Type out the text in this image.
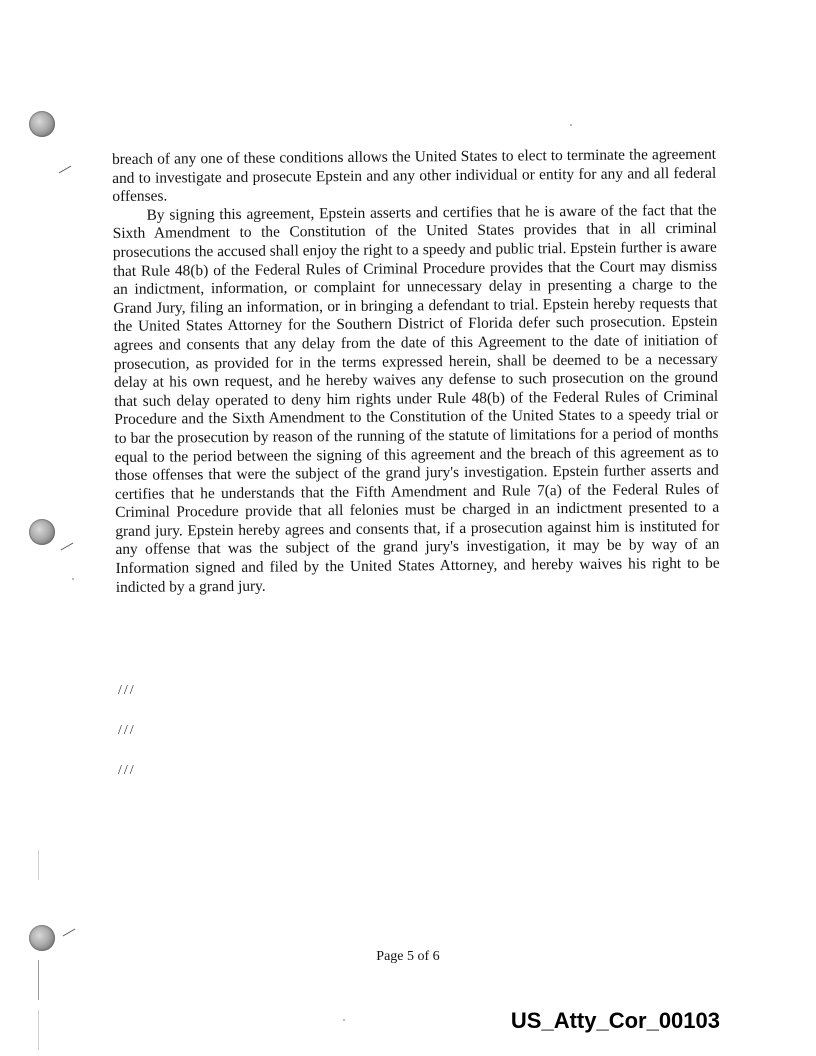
breach of any one of these conditions allows the United States to elect to terminate the agreement and to investigate and prosecute Epstein and any other individual or entity for any and all federal offenses.

By signing this agreement, Epstein asserts and certifies that he is aware of the fact that the Sixth Amendment to the Constitution of the United States provides that in all criminal prosecutions the accused shall enjoy the right to a speedy and public trial. Epstein further is aware that Rule 48(b) of the Federal Rules of Criminal Procedure provides that the Court may dismiss an indictment, information, or complaint for unnecessary delay in presenting a charge to the Grand Jury, filing an information, or in bringing a defendant to trial. Epstein hereby requests that the United States Attorney for the Southern District of Florida defer such prosecution. Epstein agrees and consents that any delay from the date of this Agreement to the date of initiation of prosecution, as provided for in the terms expressed herein, shall be deemed to be a necessary delay at his own request, and he hereby waives any defense to such prosecution on the ground that such delay operated to deny him rights under Rule 48(b) of the Federal Rules of Criminal Procedure and the Sixth Amendment to the Constitution of the United States to a speedy trial or to bar the prosecution by reason of the running of the statute of limitations for a period of months equal to the period between the signing of this agreement and the breach of this agreement as to those offenses that were the subject of the grand jury's investigation. Epstein further asserts and certifies that he understands that the Fifth Amendment and Rule 7(a) of the Federal Rules of Criminal Procedure provide that all felonies must be charged in an indictment presented to a grand jury. Epstein hereby agrees and consents that, if a prosecution against him is instituted for any offense that was the subject of the grand jury's investigation, it may be by way of an Information signed and filed by the United States Attorney, and hereby waives his right to be indicted by a grand jury.

///
///
///
Page 5 of 6
US_Atty_Cor_00103
